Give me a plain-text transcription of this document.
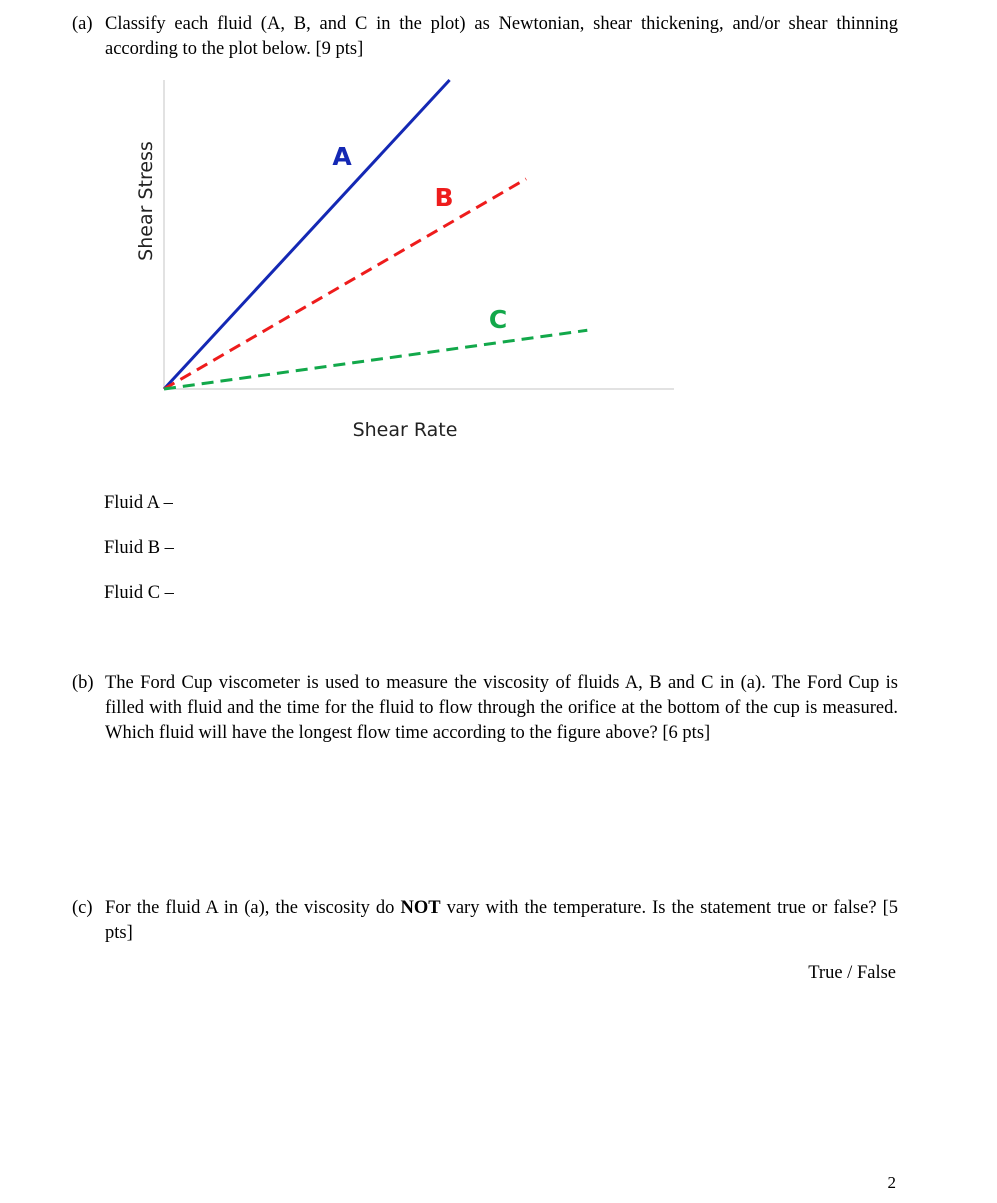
(a) Classify each fluid (A, B, and C in the plot) as Newtonian, shear thickening, and/or shear thinning according to the plot below. [9 pts]
A
B
C
Shear Rate
Shear Stress
Fluid A –
Fluid B –
Fluid C –
(b) The Ford Cup viscometer is used to measure the viscosity of fluids A, B and C in (a). The Ford Cup is filled with fluid and the time for the fluid to flow through the orifice at the bottom of the cup is measured. Which fluid will have the longest flow time according to the figure above? [6 pts]
(c) For the fluid A in (a), the viscosity do NOT vary with the temperature. Is the statement true or false? [5 pts]
True / False
2
